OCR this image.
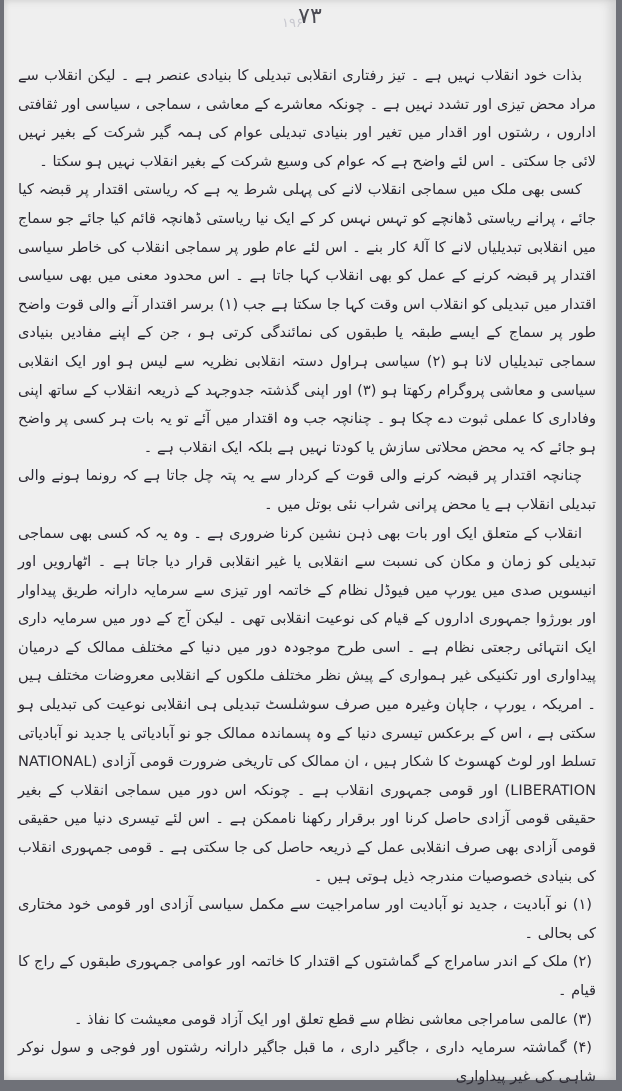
۷۳
۱۹۶

بذات خود انقلاب نہیں ہے ۔ تیز رفتاری انقلابی تبدیلی کا بنیادی عنصر ہے ۔ لیکن انقلاب سے مراد محض تیزی اور تشدد نہیں ہے ۔ چونکہ معاشرے کے معاشی ، سماجی ، سیاسی اور ثقافتی اداروں ، رشتوں اور اقدار میں تغیر اور بنیادی تبدیلی عوام کی ہمہ گیر شرکت کے بغیر نہیں لائی جا سکتی ۔ اس لئے واضح ہے کہ عوام کی وسیع شرکت کے بغیر انقلاب نہیں ہو سکتا ۔

کسی بھی ملک میں سماجی انقلاب لانے کی پہلی شرط یہ ہے کہ ریاستی اقتدار پر قبضہ کیا جائے ، پرانے ریاستی ڈھانچے کو تہس نہس کر کے ایک نیا ریاستی ڈھانچہ قائم کیا جائے جو سماج میں انقلابی تبدیلیاں لانے کا آلۂ کار بنے ۔ اس لئے عام طور پر سماجی انقلاب کی خاطر سیاسی اقتدار پر قبضہ کرنے کے عمل کو بھی انقلاب کہا جاتا ہے ۔ اس محدود معنی میں بھی سیاسی اقتدار میں تبدیلی کو انقلاب اس وقت کہا جا سکتا ہے جب (۱) برسر اقتدار آنے والی قوت واضح طور پر سماج کے ایسے طبقہ یا طبقوں کی نمائندگی کرتی ہو ، جن کے اپنے مفادیں بنیادی سماجی تبدیلیاں لانا ہو (۲) سیاسی ہراول دستہ انقلابی نظریہ سے لیس ہو اور ایک انقلابی سیاسی و معاشی پروگرام رکھتا ہو (۳) اور اپنی گذشتہ جدوجہد کے ذریعہ انقلاب کے ساتھ اپنی وفاداری کا عملی ثبوت دے چکا ہو ۔ چنانچہ جب وہ اقتدار میں آئے تو یہ بات ہر کسی پر واضح ہو جائے کہ یہ محض محلاتی سازش یا کودتا نہیں ہے بلکہ ایک انقلاب ہے ۔

چنانچہ اقتدار پر قبضہ کرنے والی قوت کے کردار سے یہ پتہ چل جاتا ہے کہ رونما ہونے والی تبدیلی انقلاب ہے یا محض پرانی شراب نئی بوتل میں ۔

انقلاب کے متعلق ایک اور بات بھی ذہن نشین کرنا ضروری ہے ۔ وہ یہ کہ کسی بھی سماجی تبدیلی کو زمان و مکان کی نسبت سے انقلابی یا غیر انقلابی قرار دیا جاتا ہے ۔ اٹھارویں اور انیسویں صدی میں یورپ میں فیوڈل نظام کے خاتمہ اور تیزی سے سرمایہ دارانہ طریق پیداوار اور بورژوا جمہوری اداروں کے قیام کی نوعیت انقلابی تھی ۔ لیکن آج کے دور میں سرمایہ داری ایک انتہائی رجعتی نظام ہے ۔ اسی طرح موجودہ دور میں دنیا کے مختلف ممالک کے درمیان پیداواری اور تکنیکی غیر ہمواری کے پیش نظر مختلف ملکوں کے انقلابی معروضات مختلف ہیں ۔ امریکہ ، یورپ ، جاپان وغیرہ میں صرف سوشلسٹ تبدیلی ہی انقلابی نوعیت کی تبدیلی ہو سکتی ہے ، اس کے برعکس تیسری دنیا کے وہ پسماندہ ممالک جو نو آبادیاتی یا جدید نو آبادیاتی تسلط اور لوٹ کھسوٹ کا شکار ہیں ، ان ممالک کی تاریخی ضرورت قومی آزادی (NATIONAL LIBERATION) اور قومی جمہوری انقلاب ہے ۔ چونکہ اس دور میں سماجی انقلاب کے بغیر حقیقی قومی آزادی حاصل کرنا اور برقرار رکھنا ناممکن ہے ۔ اس لئے تیسری دنیا میں حقیقی قومی آزادی بھی صرف انقلابی عمل کے ذریعہ حاصل کی جا سکتی ہے ۔ قومی جمہوری انقلاب کی بنیادی خصوصیات مندرجہ ذیل ہوتی ہیں ۔

(۱) نو آبادیت ، جدید نو آبادیت اور سامراجیت سے مکمل سیاسی آزادی اور قومی خود مختاری کی بحالی ۔

(۲) ملک کے اندر سامراج کے گماشتوں کے اقتدار کا خاتمہ اور عوامی جمہوری طبقوں کے راج کا قیام ۔

(۳) عالمی سامراجی معاشی نظام سے قطع تعلق اور ایک آزاد قومی معیشت کا نفاذ ۔

(۴) گماشتہ سرمایہ داری ، جاگیر داری ، ما قبل جاگیر دارانہ رشتوں اور فوجی و سول نوکر شاہی کی غیر پیداواری
